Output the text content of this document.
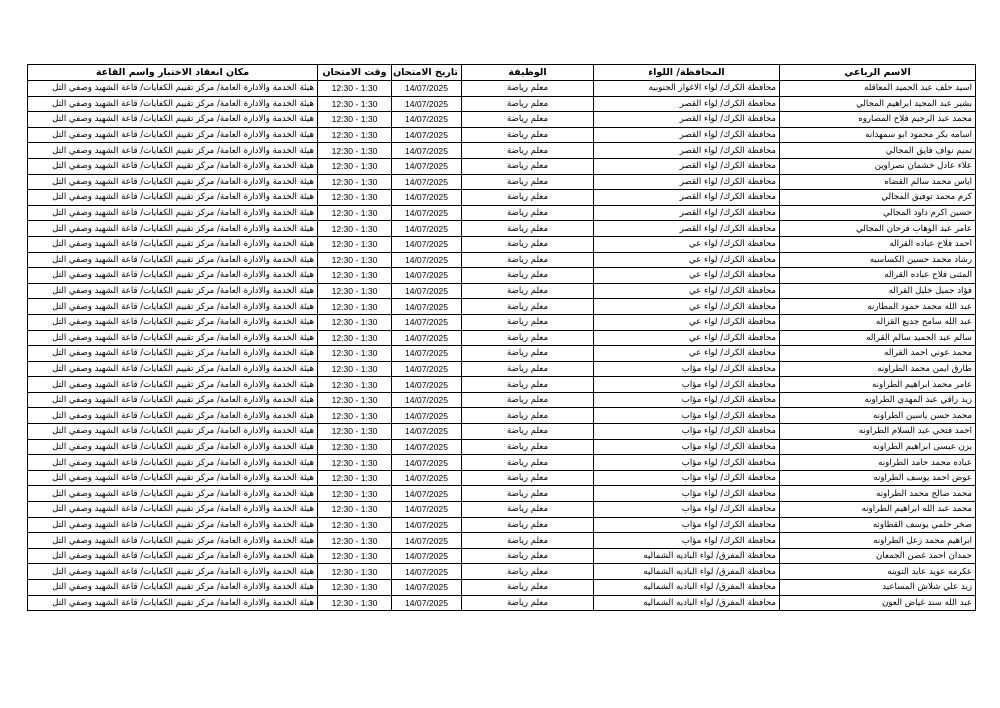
الاسم الرباعي	المحافظة/ اللواء	الوظيفة	تاريخ الامتحان	وقت الامتحان	مكان انعقاد الاختبار واسم القاعة
اسيد خلف عبد الحميد المعاقله	محافظة الكرك/ لواء الاغوار الجنوبيه	معلم رياضة	14/07/2025	12:30 - 1:30	هيئة الخدمة والادارة العامة/ مركز تقييم الكفايات/ قاعة الشهيد وصفي التل
بشير عبد المجيد ابراهيم المجالي	محافظة الكرك/ لواء القصر	معلم رياضة	14/07/2025	12:30 - 1:30	هيئة الخدمة والادارة العامة/ مركز تقييم الكفايات/ قاعة الشهيد وصفي التل
محمد عبد الرحيم فلاح المصاروه	محافظة الكرك/ لواء القصر	معلم رياضة	14/07/2025	12:30 - 1:30	هيئة الخدمة والادارة العامة/ مركز تقييم الكفايات/ قاعة الشهيد وصفي التل
اسامه بكر محمود ابو سمهدانه	محافظة الكرك/ لواء القصر	معلم رياضة	14/07/2025	12:30 - 1:30	هيئة الخدمة والادارة العامة/ مركز تقييم الكفايات/ قاعة الشهيد وصفي التل
تميم نواف فايق المجالي	محافظة الكرك/ لواء القصر	معلم رياضة	14/07/2025	12:30 - 1:30	هيئة الخدمة والادارة العامة/ مركز تقييم الكفايات/ قاعة الشهيد وصفي التل
علاء عادل خشمان نصراوين	محافظة الكرك/ لواء القصر	معلم رياضة	14/07/2025	12:30 - 1:30	هيئة الخدمة والادارة العامة/ مركز تقييم الكفايات/ قاعة الشهيد وصفي التل
اياس محمد سالم القضاه	محافظة الكرك/ لواء القصر	معلم رياضة	14/07/2025	12:30 - 1:30	هيئة الخدمة والادارة العامة/ مركز تقييم الكفايات/ قاعة الشهيد وصفي التل
كرم محمد توفيق المجالي	محافظة الكرك/ لواء القصر	معلم رياضة	14/07/2025	12:30 - 1:30	هيئة الخدمة والادارة العامة/ مركز تقييم الكفايات/ قاعة الشهيد وصفي التل
حسين اكرم داود المجالي	محافظة الكرك/ لواء القصر	معلم رياضة	14/07/2025	12:30 - 1:30	هيئة الخدمة والادارة العامة/ مركز تقييم الكفايات/ قاعة الشهيد وصفي التل
عامر عبد الوهاب فرحان المجالي	محافظة الكرك/ لواء القصر	معلم رياضة	14/07/2025	12:30 - 1:30	هيئة الخدمة والادارة العامة/ مركز تقييم الكفايات/ قاعة الشهيد وصفي التل
احمد فلاح عباده القراله	محافظة الكرك/ لواء عي	معلم رياضة	14/07/2025	12:30 - 1:30	هيئة الخدمة والادارة العامة/ مركز تقييم الكفايات/ قاعة الشهيد وصفي التل
رشاد محمد حسين الكساسبه	محافظة الكرك/ لواء عي	معلم رياضة	14/07/2025	12:30 - 1:30	هيئة الخدمة والادارة العامة/ مركز تقييم الكفايات/ قاعة الشهيد وصفي التل
المثنى فلاح عباده القراله	محافظة الكرك/ لواء عي	معلم رياضة	14/07/2025	12:30 - 1:30	هيئة الخدمة والادارة العامة/ مركز تقييم الكفايات/ قاعة الشهيد وصفي التل
فؤاد جميل خليل القراله	محافظة الكرك/ لواء عي	معلم رياضة	14/07/2025	12:30 - 1:30	هيئة الخدمة والادارة العامة/ مركز تقييم الكفايات/ قاعة الشهيد وصفي التل
عبد الله محمد حمود المطارنه	محافظة الكرك/ لواء عي	معلم رياضة	14/07/2025	12:30 - 1:30	هيئة الخدمة والادارة العامة/ مركز تقييم الكفايات/ قاعة الشهيد وصفي التل
عبد الله سامح جديع القراله	محافظة الكرك/ لواء عي	معلم رياضة	14/07/2025	12:30 - 1:30	هيئة الخدمة والادارة العامة/ مركز تقييم الكفايات/ قاعة الشهيد وصفي التل
سالم عبد الحميد سالم القراله	محافظة الكرك/ لواء عي	معلم رياضة	14/07/2025	12:30 - 1:30	هيئة الخدمة والادارة العامة/ مركز تقييم الكفايات/ قاعة الشهيد وصفي التل
محمد عوني احمد القراله	محافظة الكرك/ لواء عي	معلم رياضة	14/07/2025	12:30 - 1:30	هيئة الخدمة والادارة العامة/ مركز تقييم الكفايات/ قاعة الشهيد وصفي التل
طارق ايمن محمد الطراونه	محافظة الكرك/ لواء مؤاب	معلم رياضة	14/07/2025	12:30 - 1:30	هيئة الخدمة والادارة العامة/ مركز تقييم الكفايات/ قاعة الشهيد وصفي التل
عامر محمد ابراهيم الطراونه	محافظة الكرك/ لواء مؤاب	معلم رياضة	14/07/2025	12:30 - 1:30	هيئة الخدمة والادارة العامة/ مركز تقييم الكفايات/ قاعة الشهيد وصفي التل
زيد راقي عبد المهدي الطراونه	محافظة الكرك/ لواء مؤاب	معلم رياضة	14/07/2025	12:30 - 1:30	هيئة الخدمة والادارة العامة/ مركز تقييم الكفايات/ قاعة الشهيد وصفي التل
محمد حسن ياسين الطراونه	محافظة الكرك/ لواء مؤاب	معلم رياضة	14/07/2025	12:30 - 1:30	هيئة الخدمة والادارة العامة/ مركز تقييم الكفايات/ قاعة الشهيد وصفي التل
احمد فتحي عبد السلام الطراونه	محافظة الكرك/ لواء مؤاب	معلم رياضة	14/07/2025	12:30 - 1:30	هيئة الخدمة والادارة العامة/ مركز تقييم الكفايات/ قاعة الشهيد وصفي التل
يزن عيسى ابراهيم الطراونه	محافظة الكرك/ لواء مؤاب	معلم رياضة	14/07/2025	12:30 - 1:30	هيئة الخدمة والادارة العامة/ مركز تقييم الكفايات/ قاعة الشهيد وصفي التل
عباده محمد حامد الطراونه	محافظة الكرك/ لواء مؤاب	معلم رياضة	14/07/2025	12:30 - 1:30	هيئة الخدمة والادارة العامة/ مركز تقييم الكفايات/ قاعة الشهيد وصفي التل
عوض احمد يوسف الطراونه	محافظة الكرك/ لواء مؤاب	معلم رياضة	14/07/2025	12:30 - 1:30	هيئة الخدمة والادارة العامة/ مركز تقييم الكفايات/ قاعة الشهيد وصفي التل
محمد صالح محمد الطراونه	محافظة الكرك/ لواء مؤاب	معلم رياضة	14/07/2025	12:30 - 1:30	هيئة الخدمة والادارة العامة/ مركز تقييم الكفايات/ قاعة الشهيد وصفي التل
محمد عبد الله ابراهيم الطراونه	محافظة الكرك/ لواء مؤاب	معلم رياضة	14/07/2025	12:30 - 1:30	هيئة الخدمة والادارة العامة/ مركز تقييم الكفايات/ قاعة الشهيد وصفي التل
صخر حلمي يوسف القطاونه	محافظة الكرك/ لواء مؤاب	معلم رياضة	14/07/2025	12:30 - 1:30	هيئة الخدمة والادارة العامة/ مركز تقييم الكفايات/ قاعة الشهيد وصفي التل
ابراهيم محمد زعل الطراونه	محافظة الكرك/ لواء مؤاب	معلم رياضة	14/07/2025	12:30 - 1:30	هيئة الخدمة والادارة العامة/ مركز تقييم الكفايات/ قاعة الشهيد وصفي التل
حمدان احمد غصن الجمعان	محافظة المفرق/ لواء الباديه الشماليه	معلم رياضة	14/07/2025	12:30 - 1:30	هيئة الخدمة والادارة العامة/ مركز تقييم الكفايات/ قاعة الشهيد وصفي التل
عكرمه عويد عايد التوينه	محافظة المفرق/ لواء الباديه الشماليه	معلم رياضة	14/07/2025	12:30 - 1:30	هيئة الخدمة والادارة العامة/ مركز تقييم الكفايات/ قاعة الشهيد وصفي التل
زيد علي شلاش المساعيد	محافظة المفرق/ لواء الباديه الشماليه	معلم رياضة	14/07/2025	12:30 - 1:30	هيئة الخدمة والادارة العامة/ مركز تقييم الكفايات/ قاعة الشهيد وصفي التل
عبد الله سند غياض العون	محافظة المفرق/ لواء الباديه الشماليه	معلم رياضة	14/07/2025	12:30 - 1:30	هيئة الخدمة والادارة العامة/ مركز تقييم الكفايات/ قاعة الشهيد وصفي التل
